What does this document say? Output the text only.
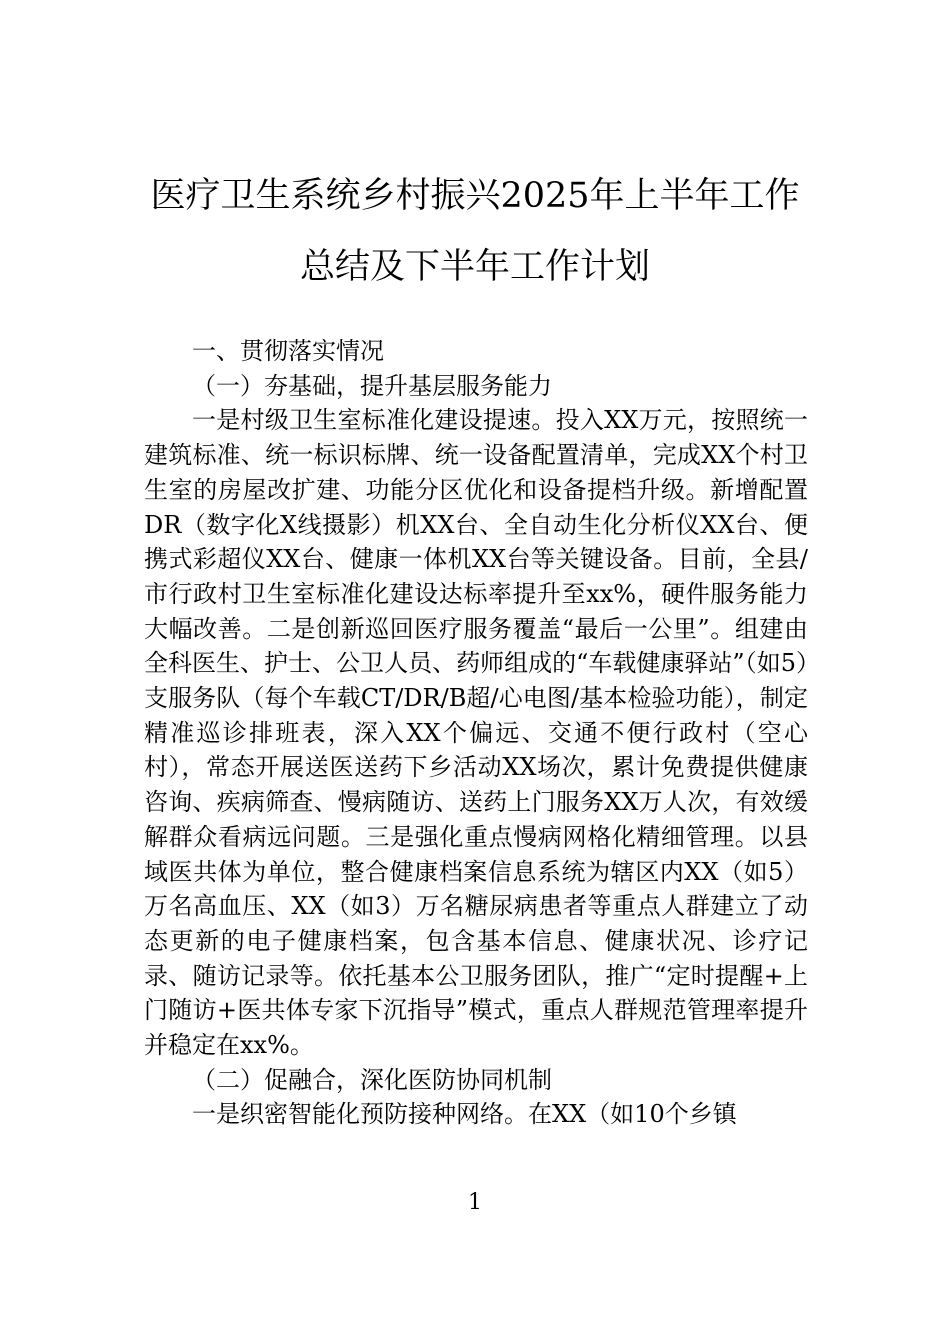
医疗卫生系统乡村振兴2025年上半年工作
总结及下半年工作计划

一、贯彻落实情况

（一）夯基础，提升基层服务能力

一是村级卫生室标准化建设提速。投入XX万元，按照统一建筑标准、统一标识标牌、统一设备配置清单，完成XX个村卫生室的房屋改扩建、功能分区优化和设备提档升级。新增配置DR（数字化X线摄影）机XX台、全自动生化分析仪XX台、便携式彩超仪XX台、健康一体机XX台等关键设备。目前，全县/市行政村卫生室标准化建设达标率提升至xx%，硬件服务能力大幅改善。二是创新巡回医疗服务覆盖“最后一公里”。组建由全科医生、护士、公卫人员、药师组成的“车载健康驿站”（如5）支服务队（每个车载CT/DR/B超/心电图/基本检验功能），制定精准巡诊排班表，深入XX个偏远、交通不便行政村（空心村），常态开展送医送药下乡活动XX场次，累计免费提供健康咨询、疾病筛查、慢病随访、送药上门服务XX万人次，有效缓解群众看病远问题。三是强化重点慢病网格化精细管理。以县域医共体为单位，整合健康档案信息系统为辖区内XX（如5）万名高血压、XX（如3）万名糖尿病患者等重点人群建立了动态更新的电子健康档案，包含基本信息、健康状况、诊疗记录、随访记录等。依托基本公卫服务团队，推广“定时提醒+上门随访+医共体专家下沉指导”模式，重点人群规范管理率提升并稳定在xx%。

（二）促融合，深化医防协同机制

一是织密智能化预防接种网络。在XX（如10个乡镇

1
